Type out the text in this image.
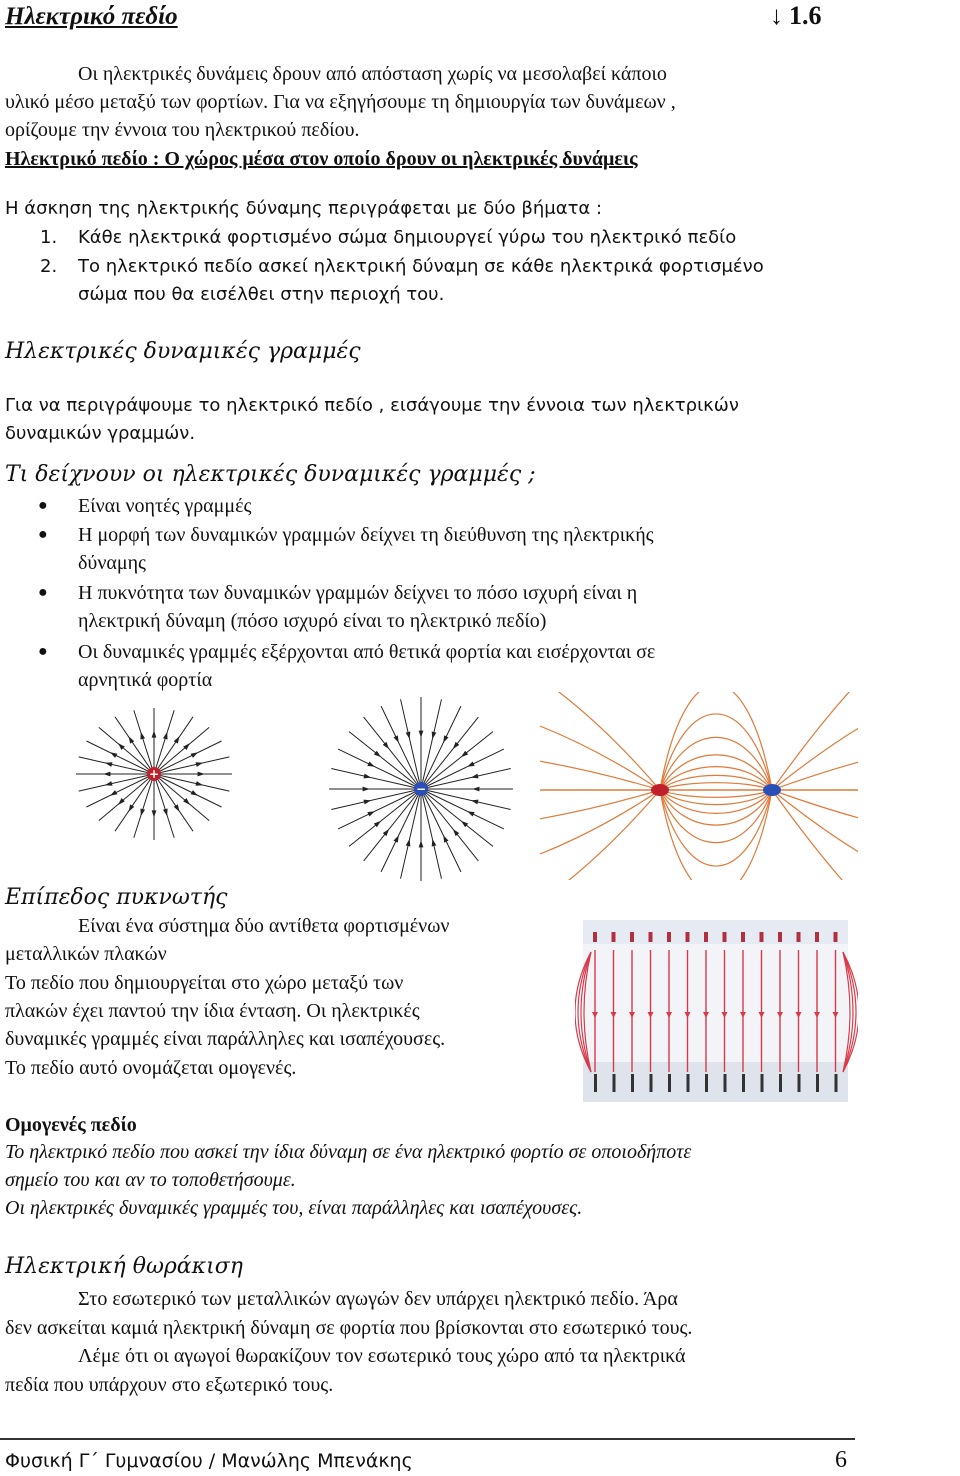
Ηλεκτρικό πεδίο	↓ 1.6
Οι ηλεκτρικές δυνάμεις δρουν από απόσταση χωρίς να μεσολαβεί κάποιο
υλικό μέσο μεταξύ των φορτίων. Για να εξηγήσουμε τη δημιουργία των δυνάμεων ,
ορίζουμε την έννοια του ηλεκτρικού πεδίου.
Ηλεκτρικό πεδίο : Ο χώρος μέσα στον οποίο δρουν οι ηλεκτρικές δυνάμεις
Η άσκηση της ηλεκτρικής δύναμης περιγράφεται με δύο βήματα :
1. Κάθε ηλεκτρικά φορτισμένο σώμα δημιουργεί γύρω του ηλεκτρικό πεδίο
2. Το ηλεκτρικό πεδίο ασκεί ηλεκτρική δύναμη σε κάθε ηλεκτρικά φορτισμένο
σώμα που θα εισέλθει στην περιοχή του.
Ηλεκτρικές δυναμικές γραμμές
Για να περιγράψουμε το ηλεκτρικό πεδίο , εισάγουμε την έννοια των ηλεκτρικών
δυναμικών γραμμών.
Τι δείχνουν οι ηλεκτρικές δυναμικές γραμμές ;
● Είναι νοητές γραμμές
● Η μορφή των δυναμικών γραμμών δείχνει τη διεύθυνση της ηλεκτρικής
δύναμης
● Η πυκνότητα των δυναμικών γραμμών δείχνει το πόσο ισχυρή είναι η
ηλεκτρική δύναμη (πόσο ισχυρό είναι το ηλεκτρικό πεδίο)
● Οι δυναμικές γραμμές εξέρχονται από θετικά φορτία και εισέρχονται σε
αρνητικά φορτία
+
−
Επίπεδος πυκνωτής
Είναι ένα σύστημα δύο αντίθετα φορτισμένων
μεταλλικών πλακών
Το πεδίο που δημιουργείται στο χώρο μεταξύ των
πλακών έχει παντού την ίδια ένταση. Οι ηλεκτρικές
δυναμικές γραμμές είναι παράλληλες και ισαπέχουσες.
Το πεδίο αυτό ονομάζεται ομογενές.
Ομογενές πεδίο
Το ηλεκτρικό πεδίο που ασκεί την ίδια δύναμη σε ένα ηλεκτρικό φορτίο σε οποιοδήποτε
σημείο του και αν το τοποθετήσουμε.
Οι ηλεκτρικές δυναμικές γραμμές του, είναι παράλληλες και ισαπέχουσες.
Ηλεκτρική θωράκιση
Στο εσωτερικό των μεταλλικών αγωγών δεν υπάρχει ηλεκτρικό πεδίο. Άρα
δεν ασκείται καμιά ηλεκτρική δύναμη σε φορτία που βρίσκονται στο εσωτερικό τους.
Λέμε ότι οι αγωγοί θωρακίζουν τον εσωτερικό τους χώρο από τα ηλεκτρικά
πεδία που υπάρχουν στο εξωτερικό τους.
Φυσική Γ΄ Γυμνασίου / Μανώλης Μπενάκης	6
